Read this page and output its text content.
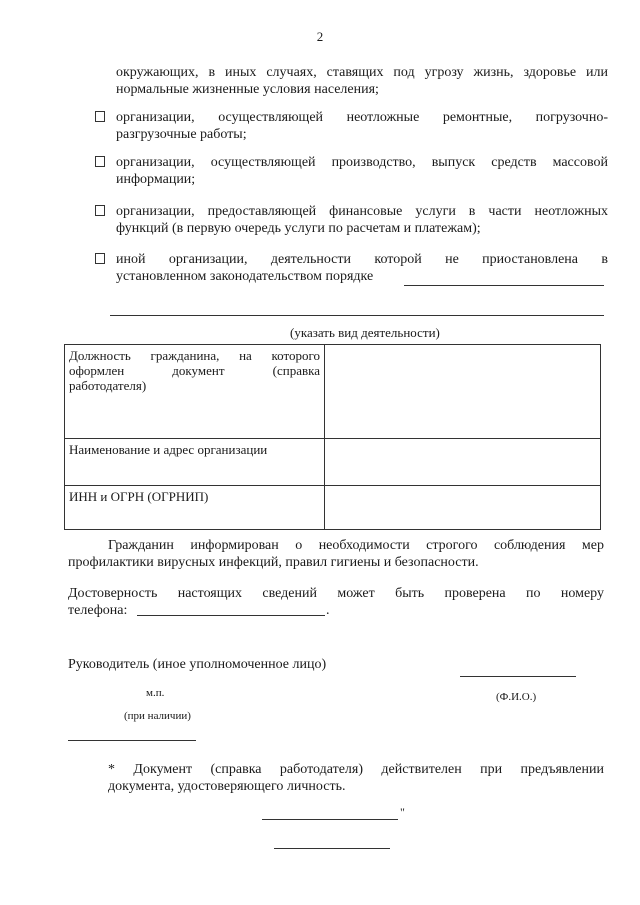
2
окружающих, в иных случаях, ставящих под угрозу жизнь, здоровье или
нормальные жизненные условия населения;
организации, осуществляющей неотложные ремонтные, погрузочно-
разгрузочные работы;
организации, осуществляющей производство, выпуск средств массовой
информации;
организации, предоставляющей финансовые услуги в части неотложных
функций (в первую очередь услуги по расчетам и платежам);
иной организации, деятельности которой не приостановлена в
установленном законодательством порядке
(указать вид деятельности)
Должность гражданина, на которого
оформлен документ (справка
работодателя)	

Наименование и адрес организации	
ИНН и ОГРН (ОГРНИП)	
Гражданин информирован о необходимости строгого соблюдения мер
профилактики вирусных инфекций, правил гигиены и безопасности.
Достоверность настоящих сведений может быть проверена по номеру
телефона:	.
Руководитель (иное уполномоченное лицо)
м.п.	(Ф.И.О.)
(при наличии)
* Документ (справка работодателя) действителен при предъявлении
документа, удостоверяющего личность.
"
